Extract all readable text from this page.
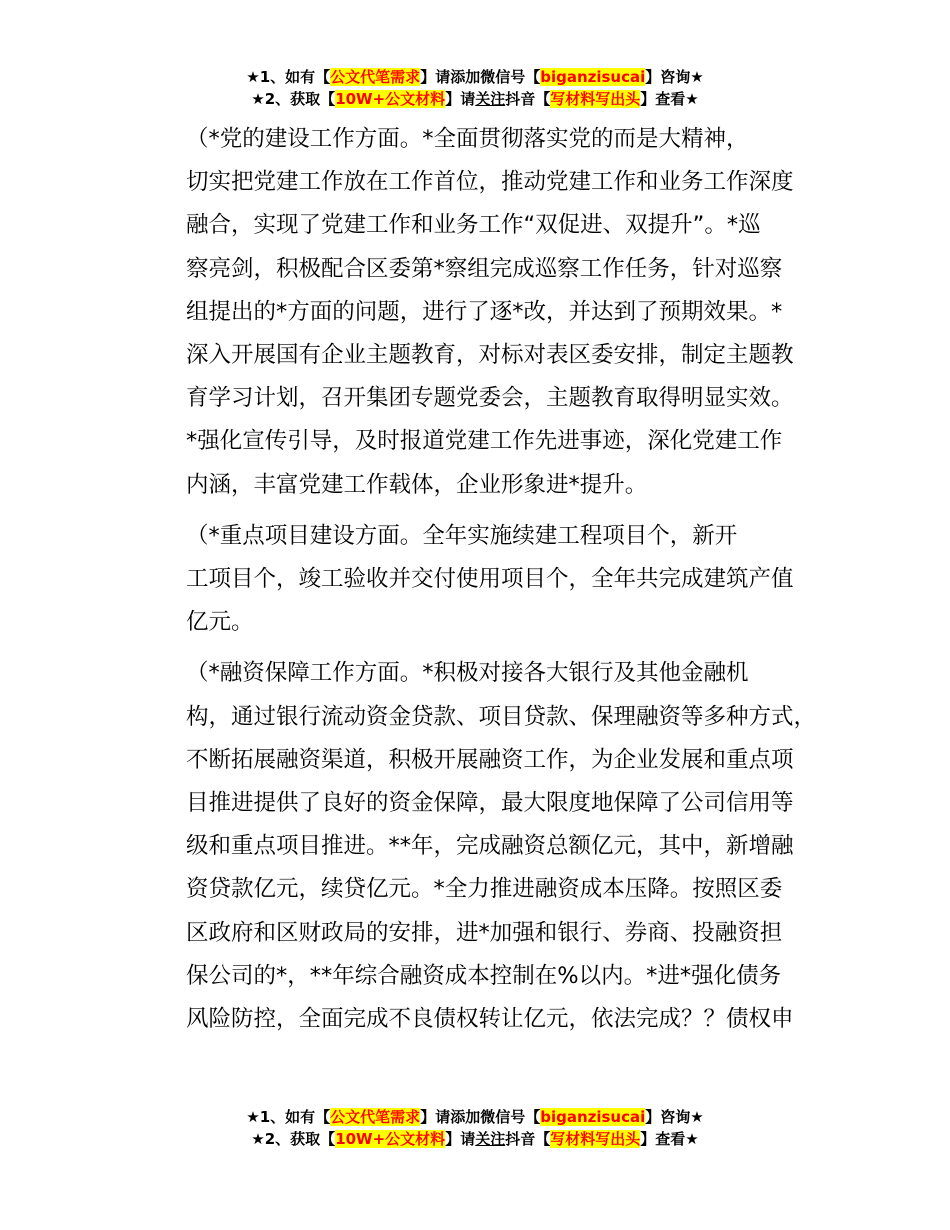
★1、如有【公文代笔需求】请添加微信号【biganzisucai】咨询★
★2、获取【10W+公文材料】请关注抖音【写材料写出头】查看★

（*党的建设工作方面。*全面贯彻落实党的而是大精神，
切实把党建工作放在工作首位，推动党建工作和业务工作深度
融合，实现了党建工作和业务工作“双促进、双提升”。*巡
察亮剑，积极配合区委第*察组完成巡察工作任务，针对巡察
组提出的*方面的问题，进行了逐*改，并达到了预期效果。*
深入开展国有企业主题教育，对标对表区委安排，制定主题教
育学习计划，召开集团专题党委会，主题教育取得明显实效。
*强化宣传引导，及时报道党建工作先进事迹，深化党建工作
内涵，丰富党建工作载体，企业形象进*提升。

（*重点项目建设方面。全年实施续建工程项目个，新开
工项目个，竣工验收并交付使用项目个，全年共完成建筑产值
亿元。

（*融资保障工作方面。*积极对接各大银行及其他金融机
构，通过银行流动资金贷款、项目贷款、保理融资等多种方式，
不断拓展融资渠道，积极开展融资工作，为企业发展和重点项
目推进提供了良好的资金保障，最大限度地保障了公司信用等
级和重点项目推进。**年，完成融资总额亿元，其中，新增融
资贷款亿元，续贷亿元。*全力推进融资成本压降。按照区委
区政府和区财政局的安排，进*加强和银行、券商、投融资担
保公司的*，**年综合融资成本控制在%以内。*进*强化债务
风险防控，全面完成不良债权转让亿元，依法完成？？债权申

★1、如有【公文代笔需求】请添加微信号【biganzisucai】咨询★
★2、获取【10W+公文材料】请关注抖音【写材料写出头】查看★
